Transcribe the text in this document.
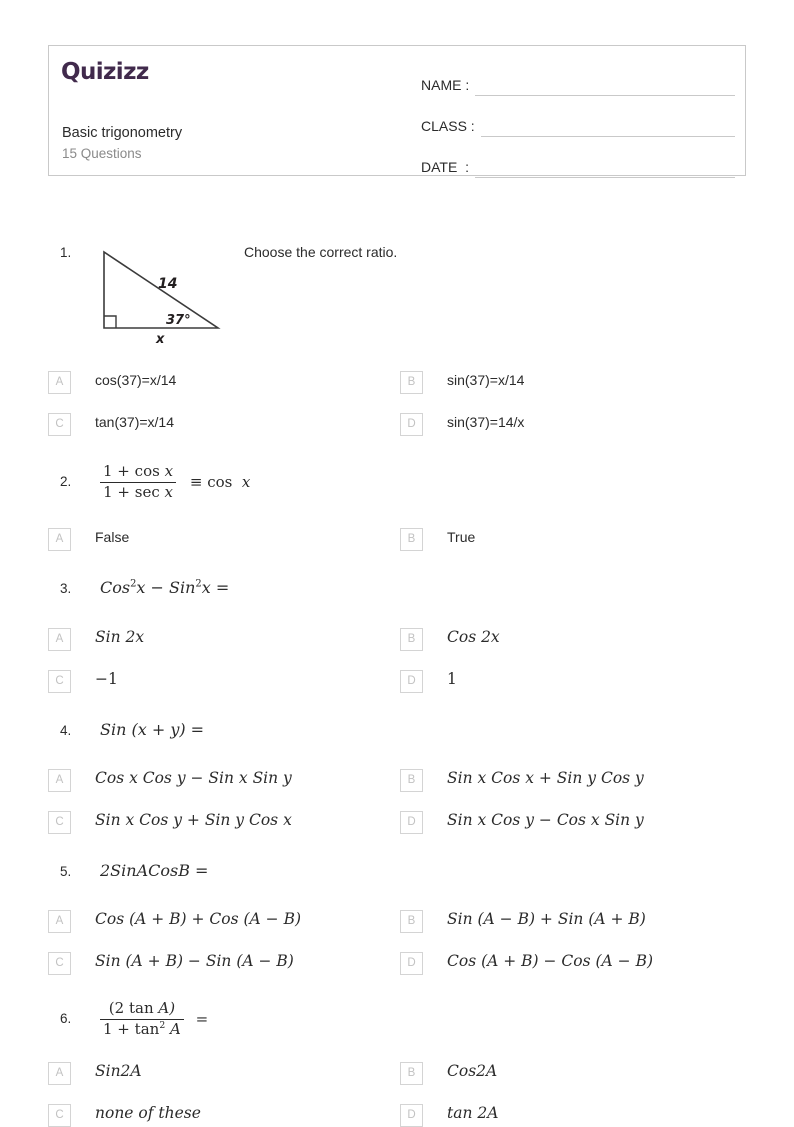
Quizizz
Basic trigonometry
15 Questions
NAME :
CLASS :
DATE  :
1.	Choose the correct ratio.
14
37°
x
A	cos(37)=x/14	B	sin(37)=x/14
C	tan(37)=x/14	D	sin(37)=14/x
2.	$\frac{\text{1 + cos x}}{\text{1 + sec x}} \equiv \cos x$
A	False	B	True
3.	Cos$^2$x − Sin$^2$x =
A	Sin 2x	B	Cos 2x
C	−1	D	1
4.	Sin (x + y) =
A	Cos x Cos y − Sin x Sin y	B	Sin x Cos x + Sin y Cos y
C	Sin x Cos y + Sin y Cos x	D	Sin x Cos y − Cos x Sin y
5.	2SinACosB =
A	Cos (A + B) + Cos (A − B)	B	Sin (A − B) + Sin (A + B)
C	Sin (A + B) − Sin (A − B)	D	Cos (A + B) − Cos (A − B)
6.	$\frac{\text{(2 tan A)}}{1 + \tan^2 A}$ =
A	Sin2A	B	Cos2A
C	none of these	D	tan 2A
